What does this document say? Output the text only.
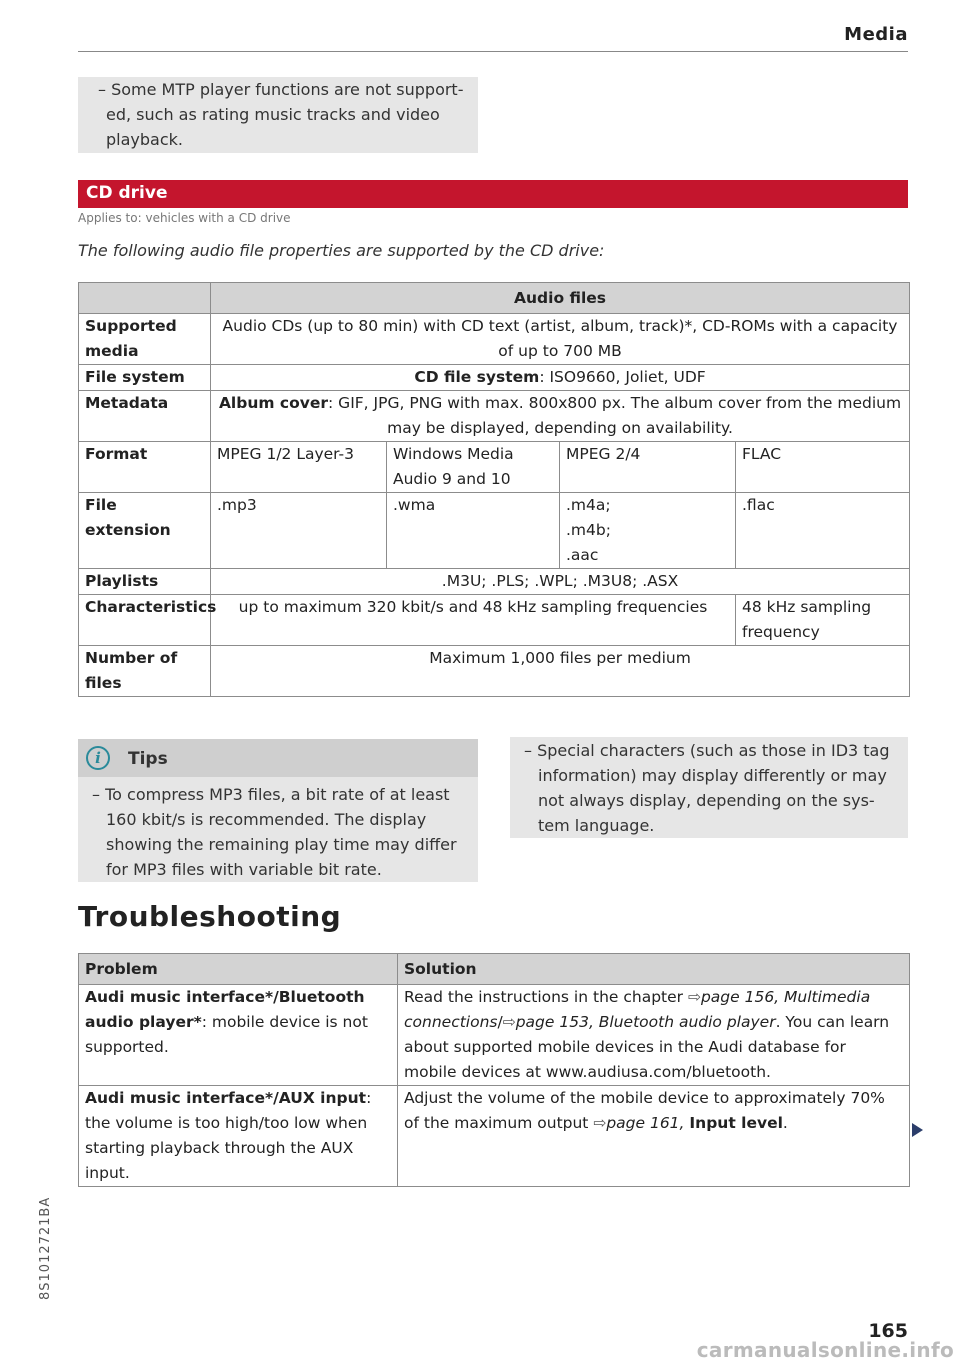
Media
– Some MTP player functions are not support-
ed, such as rating music tracks and video
playback.
CD drive
Applies to: vehicles with a CD drive
The following audio file properties are supported by the CD drive:
	Audio files			
Supported media	Audio CDs (up to 80 min) with CD text (artist, album, track)*, CD-ROMs with a capacity of up to 700 MB			
File system	CD file system: ISO9660, Joliet, UDF			
Metadata	Album cover: GIF, JPG, PNG with max. 800x800 px. The album cover from the medium may be displayed, depending on availability.			
Format	MPEG 1/2 Layer-3	Windows Media Audio 9 and 10	MPEG 2/4	FLAC
File extension	.mp3	.wma	.m4a;
.m4b;
.aac	.flac
Playlists	.M3U; .PLS; .WPL; .M3U8; .ASX			
Characteristics	up to maximum 320 kbit/s and 48 kHz sampling frequencies			48 kHz sampling frequency
Number of files	Maximum 1,000 files per medium			
i	Tips
– To compress MP3 files, a bit rate of at least
160 kbit/s is recommended. The display
showing the remaining play time may differ
for MP3 files with variable bit rate.
– Special characters (such as those in ID3 tag
information) may display differently or may
not always display, depending on the sys-
tem language.
Troubleshooting
Problem	Solution
Audi music interface*/Bluetooth audio player*: mobile device is not supported.	Read the instructions in the chapter ⇨page 156, Multimedia connections/⇨page 153, Bluetooth audio player. You can learn about supported mobile devices in the Audi database for mobile devices at www.audiusa.com/bluetooth.
Audi music interface*/AUX input: the volume is too high/too low when starting playback through the AUX input.	Adjust the volume of the mobile device to approximately 70% of the maximum output ⇨page 161, Input level.
8S1012721BA
165
carmanualsonline.info
